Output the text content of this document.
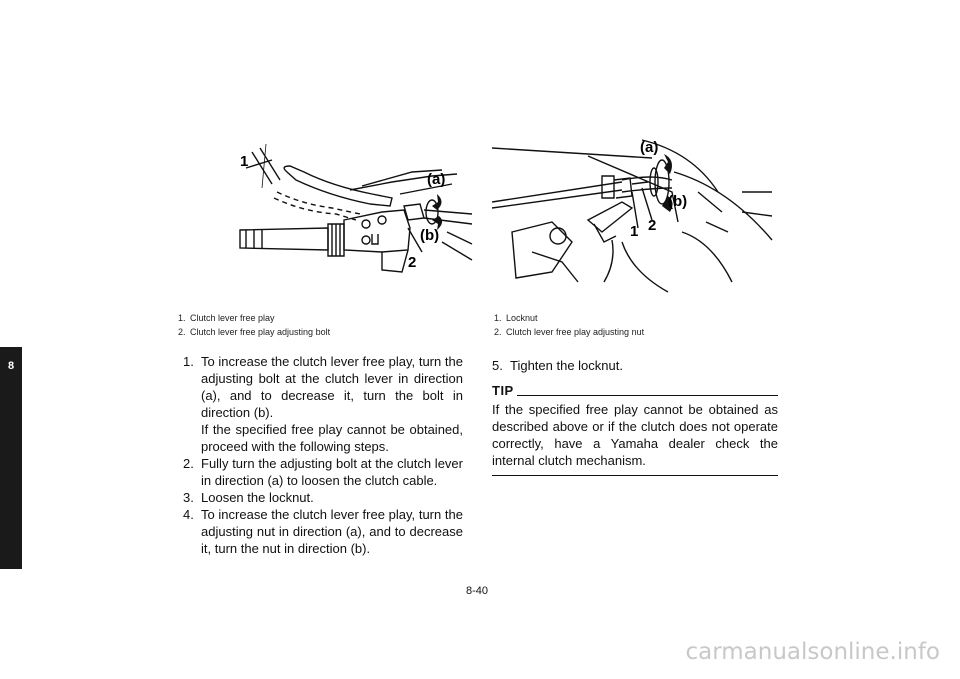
8
1
(a)
(b)
2
(a)
(b)
1 2
1. Clutch lever free play
2. Clutch lever free play adjusting bolt
1. Locknut
2. Clutch lever free play adjusting nut
1. To increase the clutch lever free play, turn the adjusting bolt at the clutch lever in direction (a), and to decrease it, turn the bolt in direction (b).

If the specified free play cannot be obtained, proceed with the following steps.

2. Fully turn the adjusting bolt at the clutch lever in direction (a) to loosen the clutch cable.

3. Loosen the locknut.

4. To increase the clutch lever free play, turn the adjusting nut in direction (a), and to decrease it, turn the nut in direction (b).

5. Tighten the locknut.

TIP
If the specified free play cannot be obtained as described above or if the clutch does not operate correctly, have a Yamaha dealer check the internal clutch mechanism.
8-40
carmanualsonline.info
